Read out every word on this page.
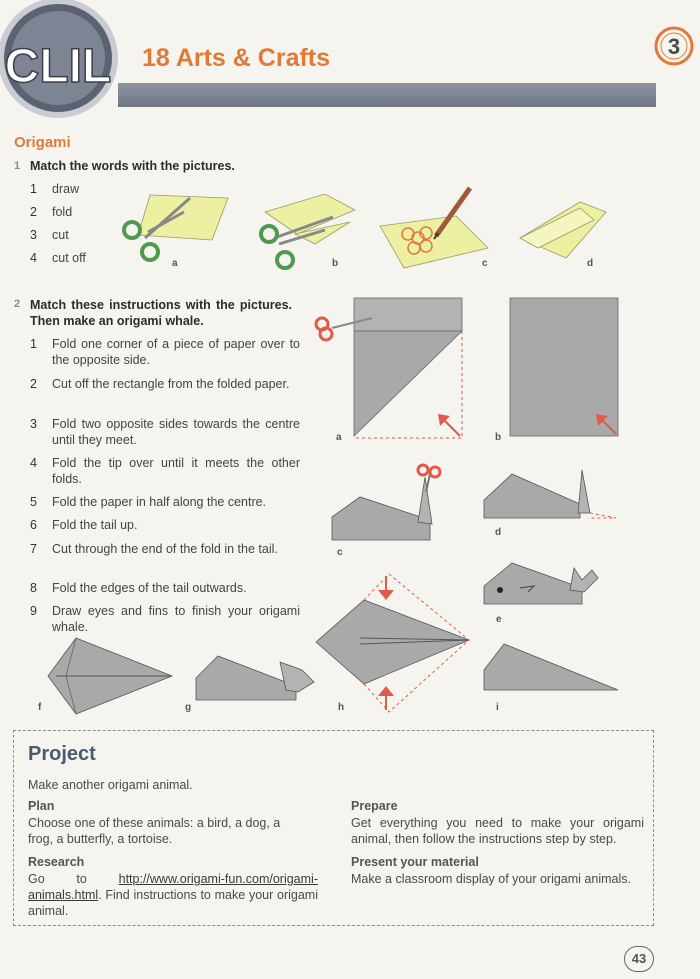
CLIL 18 Arts & Crafts	3
Origami
1 Match the words with the pictures.
1	draw
2	fold
3	cut
4	cut off	a	b	c	d
2 Match these instructions with the pictures. Then make an origami whale.
1 Fold one corner of a piece of paper over to the opposite side.
2 Cut off the rectangle from the folded paper.
3 Fold two opposite sides towards the centre until they meet.
4 Fold the tip over until it meets the other folds.
5 Fold the paper in half along the centre.
6 Fold the tail up.
7 Cut through the end of the fold in the tail.
8 Fold the edges of the tail outwards.
9 Draw eyes and fins to finish your origami whale.
a	b
c
d
e
f	g	h	i
Project
Make another origami animal.
Plan
Choose one of these animals: a bird, a dog, a frog, a butterfly, a tortoise.
Research
Go to	http://www.origami-fun.com/origami-animals.html. Find instructions to make your origami animal.
Prepare
Get everything you need to make your origami animal, then follow the instructions step by step.
Present your material
Make a classroom display of your origami animals.
43
